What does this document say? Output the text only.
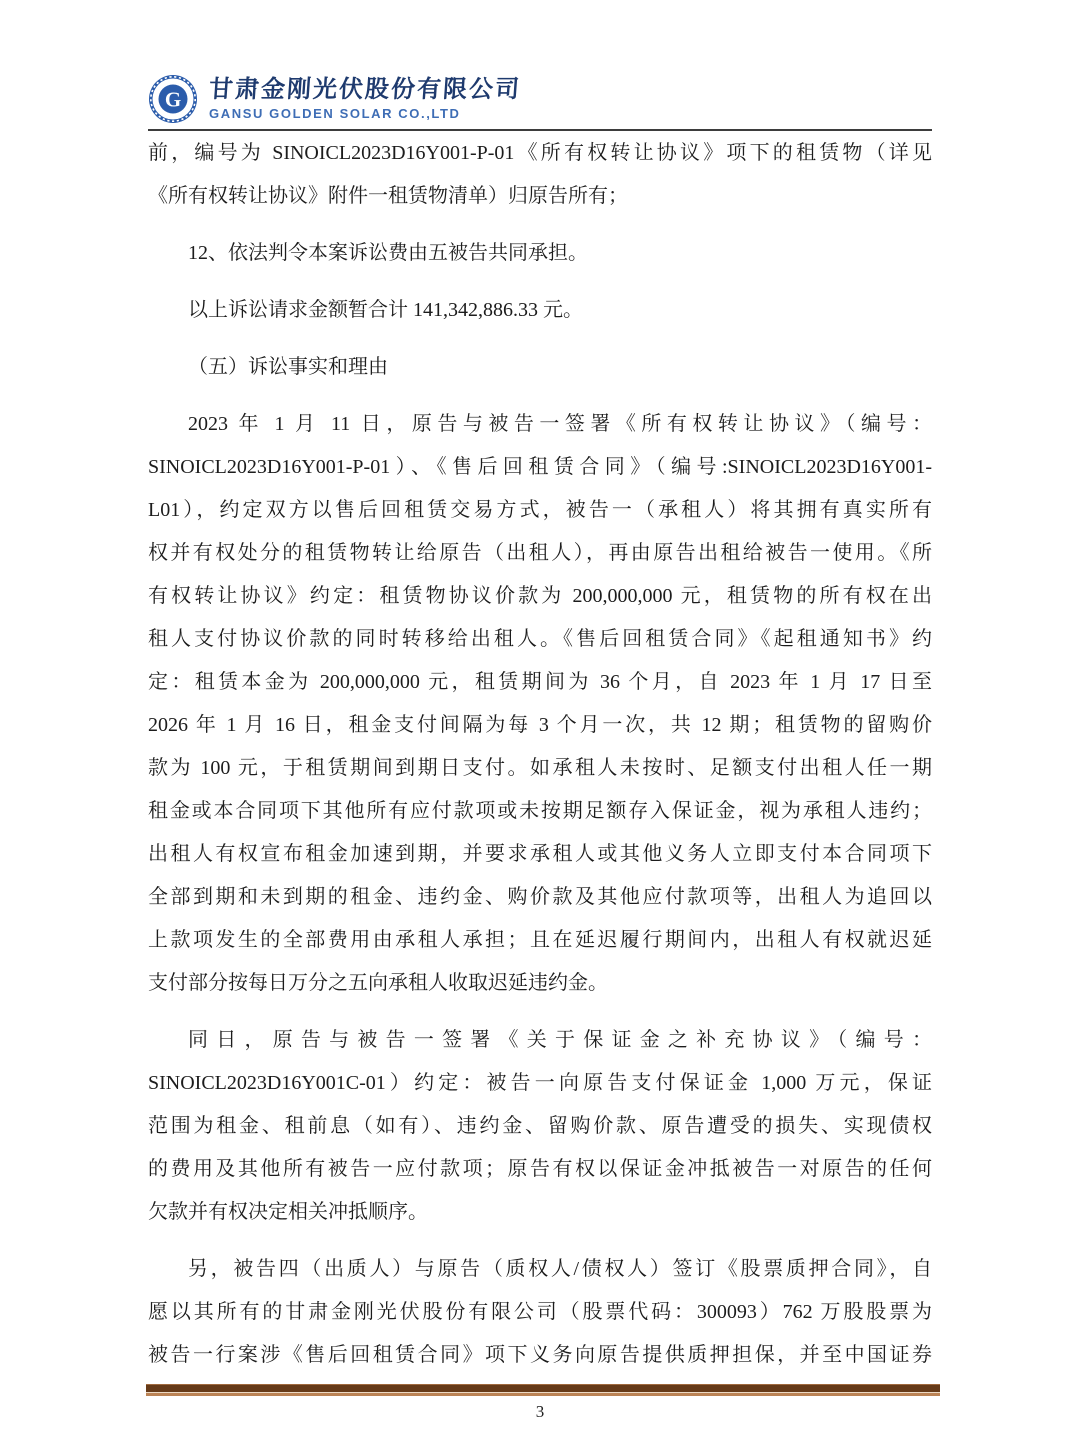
G 甘肃金刚光伏股份有限公司
GANSU GOLDEN SOLAR CO.,LTD
前，编号为 SINOICL2023D16Y001-P-01《所有权转让协议》项下的租赁物（详见
《所有权转让协议》附件一租赁物清单）归原告所有；
12、依法判令本案诉讼费由五被告共同承担。
以上诉讼请求金额暂合计 141,342,886.33 元。
（五）诉讼事实和理由
2023 年 1 月 11 日，原告与被告一签署《所有权转让协议》（编号：
SINOICL2023D16Y001-P-01）、《售后回租赁合同》（编号:SINOICL2023D16Y001-
L01），约定双方以售后回租赁交易方式，被告一（承租人）将其拥有真实所有
权并有权处分的租赁物转让给原告（出租人），再由原告出租给被告一使用。《所
有权转让协议》约定：租赁物协议价款为 200,000,000 元，租赁物的所有权在出
租人支付协议价款的同时转移给出租人。《售后回租赁合同》《起租通知书》约
定：租赁本金为 200,000,000 元，租赁期间为 36 个月，自 2023 年 1 月 17 日至
2026 年 1 月 16 日，租金支付间隔为每 3 个月一次，共 12 期；租赁物的留购价
款为 100 元，于租赁期间到期日支付。如承租人未按时、足额支付出租人任一期
租金或本合同项下其他所有应付款项或未按期足额存入保证金，视为承租人违约；
出租人有权宣布租金加速到期，并要求承租人或其他义务人立即支付本合同项下
全部到期和未到期的租金、违约金、购价款及其他应付款项等，出租人为追回以
上款项发生的全部费用由承租人承担；且在延迟履行期间内，出租人有权就迟延
支付部分按每日万分之五向承租人收取迟延违约金。
同日，原告与被告一签署《关于保证金之补充协议》（编号：
SINOICL2023D16Y001C-01）约定：被告一向原告支付保证金 1,000 万元，保证
范围为租金、租前息（如有）、违约金、留购价款、原告遭受的损失、实现债权
的费用及其他所有被告一应付款项；原告有权以保证金冲抵被告一对原告的任何
欠款并有权决定相关冲抵顺序。
另，被告四（出质人）与原告（质权人/债权人）签订《股票质押合同》，自
愿以其所有的甘肃金刚光伏股份有限公司（股票代码：300093）762 万股股票为
被告一行案涉《售后回租赁合同》项下义务向原告提供质押担保，并至中国证券
3
